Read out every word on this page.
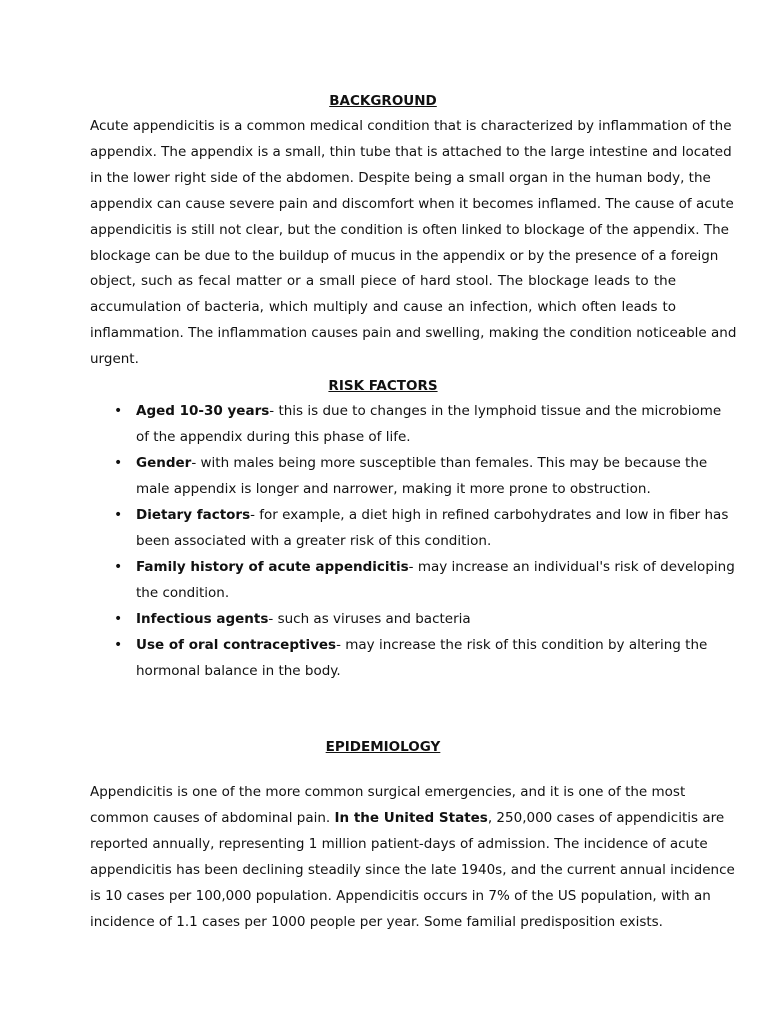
BACKGROUND
Acute appendicitis is a common medical condition that is characterized by inflammation of the
appendix. The appendix is a small, thin tube that is attached to the large intestine and located
in the lower right side of the abdomen. Despite being a small organ in the human body, the
appendix can cause severe pain and discomfort when it becomes inflamed. The cause of acute
appendicitis is still not clear, but the condition is often linked to blockage of the appendix. The
blockage can be due to the buildup of mucus in the appendix or by the presence of a foreign
object, such as fecal matter or a small piece of hard stool. The blockage leads to the
accumulation of bacteria, which multiply and cause an infection, which often leads to
inflammation. The inflammation causes pain and swelling, making the condition noticeable and
urgent.
RISK FACTORS
• Aged 10-30 years- this is due to changes in the lymphoid tissue and the microbiome
of the appendix during this phase of life.
• Gender- with males being more susceptible than females. This may be because the
male appendix is longer and narrower, making it more prone to obstruction.
• Dietary factors- for example, a diet high in refined carbohydrates and low in fiber has
been associated with a greater risk of this condition.
• Family history of acute appendicitis- may increase an individual's risk of developing
the condition.
• Infectious agents- such as viruses and bacteria
• Use of oral contraceptives- may increase the risk of this condition by altering the
hormonal balance in the body.
EPIDEMIOLOGY
Appendicitis is one of the more common surgical emergencies, and it is one of the most
common causes of abdominal pain. In the United States, 250,000 cases of appendicitis are
reported annually, representing 1 million patient-days of admission. The incidence of acute
appendicitis has been declining steadily since the late 1940s, and the current annual incidence
is 10 cases per 100,000 population. Appendicitis occurs in 7% of the US population, with an
incidence of 1.1 cases per 1000 people per year. Some familial predisposition exists.
